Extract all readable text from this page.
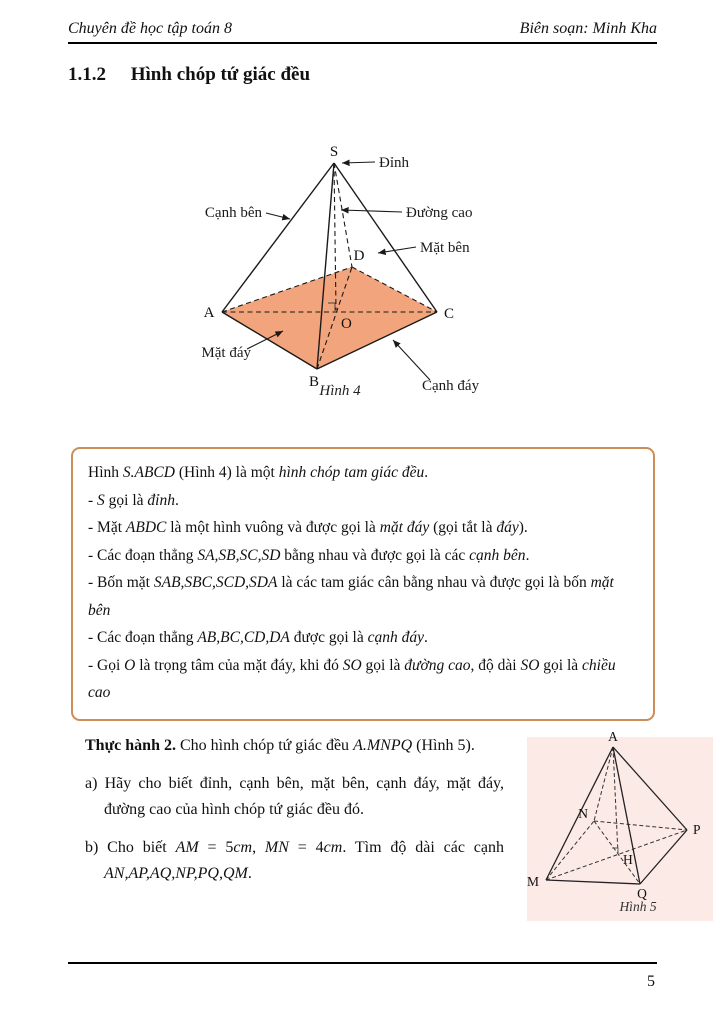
Chuyên đề học tập toán 8	Biên soạn: Minh Kha
1.1.2 Hình chóp tứ giác đều
S
A
B
C
D
O
Đỉnh
Cạnh bên	Đường cao
Mặt bên
Mặt đáy
Cạnh đáy
Hình 4

Hình S.ABCD (Hình 4) là một hình chóp tam giác đều.

- S gọi là đỉnh.

- Mặt ABDC là một hình vuông và được gọi là mặt đáy (gọi tắt là đáy).

- Các đoạn thẳng SA,SB,SC,SD bằng nhau và được gọi là các cạnh bên.

- Bốn mặt SAB,SBC,SCD,SDA là các tam giác cân bằng nhau và được gọi là bốn mặt bên

- Các đoạn thẳng AB,BC,CD,DA được gọi là cạnh đáy.

- Gọi O là trọng tâm của mặt đáy, khi đó SO gọi là đường cao, độ dài SO gọi là chiều cao

Thực hành 2. Cho hình chóp tứ giác đều A.MNPQ (Hình 5).

a) Hãy cho biết đỉnh, cạnh bên, mặt bên, cạnh đáy, mặt đáy, đường cao của hình chóp tứ giác đều đó.

b) Cho biết AM = 5cm, MN = 4cm. Tìm độ dài các cạnh AN,AP,AQ,NP,PQ,QM.

A
N
P
M
Q
H
Hình 5
5
